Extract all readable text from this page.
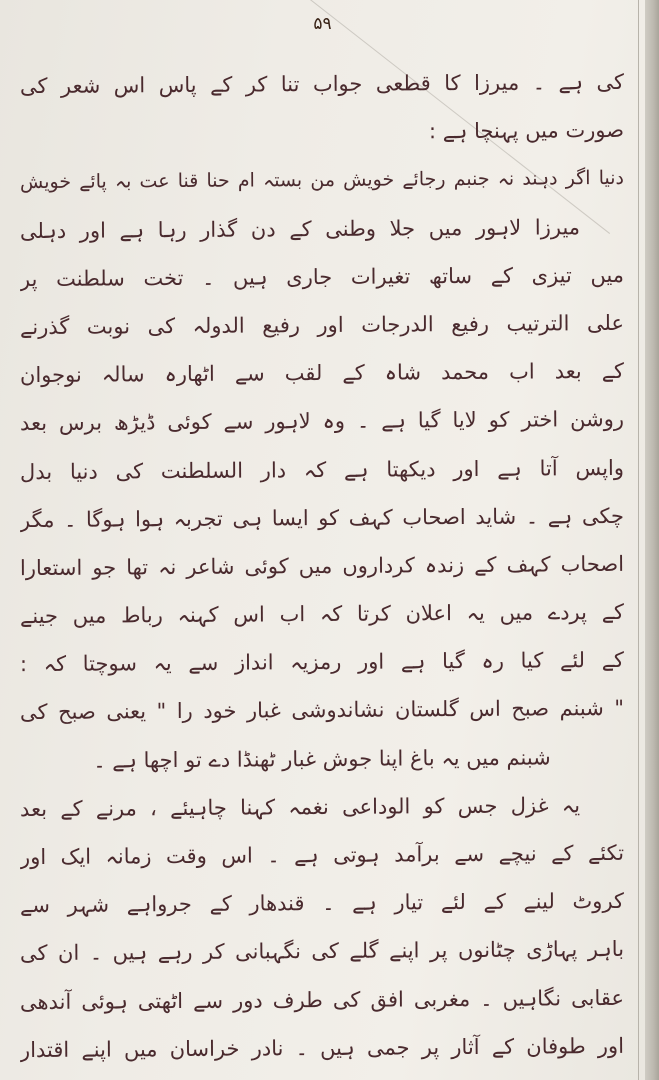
۵۹
کی ہے ۔ میرزا کا قطعی جواب تنا کر کے پاس اس شعر کی
صورت میں پہنچا ہے :
دنیا اگر دہند نہ جنبم رجائے خویش من بستہ ام حنا قنا عت بہ پائے خویش
میرزا لاہور میں جلا وطنی کے دن گذار رہا ہے اور دہلی
میں تیزی کے ساتھ تغیرات جاری ہیں ۔ تخت سلطنت پر
علی الترتیب رفیع الدرجات اور رفیع الدولہ کی نوبت گذرنے
کے بعد اب محمد شاہ کے لقب سے اٹھارہ سالہ نوجوان
روشن اختر کو لایا گیا ہے ۔ وہ لاہور سے کوئی ڈیڑھ برس بعد
واپس آتا ہے اور دیکھتا ہے کہ دار السلطنت کی دنیا بدل
چکی ہے ۔ شاید اصحاب کہف کو ایسا ہی تجربہ ہوا ہوگا ۔ مگر
اصحاب کہف کے زندہ کرداروں میں کوئی شاعر نہ تھا جو استعارا
کے پردے میں یہ اعلان کرتا کہ اب اس کہنہ رباط میں جینے
کے لئے کیا رہ گیا ہے اور رمزیہ انداز سے یہ سوچتا کہ :
" شبنم صبح اس گلستان نشاندوشی غبار خود را " یعنی صبح کی
شبنم میں یہ باغ اپنا جوش غبار ٹھنڈا دے تو اچھا ہے ۔
یہ غزل جس کو الوداعی نغمہ کہنا چاہیئے ، مرنے کے بعد
تکئے کے نیچے سے برآمد ہوتی ہے ۔ اس وقت زمانہ ایک اور
کروٹ لینے کے لئے تیار ہے ۔ قندھار کے جرواہے شہر سے
باہر پہاڑی چٹانوں پر اپنے گلے کی نگہبانی کر رہے ہیں ۔ ان کی
عقابی نگاہیں ۔ مغربی افق کی طرف دور سے اٹھتی ہوئی آندھی
اور طوفان کے آثار پر جمی ہیں ۔ نادر خراسان میں اپنے اقتدار
